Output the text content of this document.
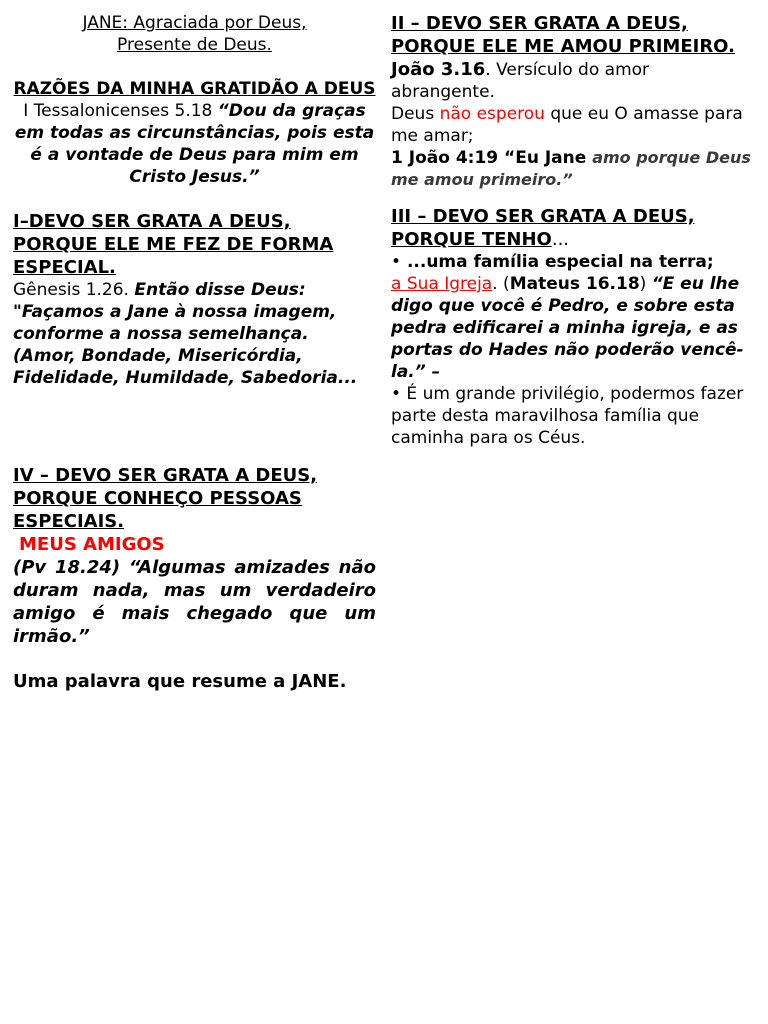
JANE: Agraciada por Deus,

Presente de Deus.

RAZÕES DA MINHA GRATIDÃO A DEUS

I Tessalonicenses 5.18 “Dou da graças em todas as circunstâncias, pois esta é a vontade de Deus para mim em Cristo Jesus.”

I–DEVO SER GRATA A DEUS, PORQUE ELE ME FEZ DE FORMA ESPECIAL.

Gênesis 1.26. Então disse Deus: "Façamos a Jane à nossa imagem, conforme a nossa semelhança.

(Amor, Bondade, Misericórdia, Fidelidade, Humildade, Sabedoria...

IV – DEVO SER GRATA A DEUS, PORQUE CONHEÇO PESSOAS ESPECIAIS.

MEUS AMIGOS

(Pv 18.24) “Algumas amizades não duram nada, mas um verdadeiro amigo é mais chegado que um irmão.”

Uma palavra que resume a JANE.

II – DEVO SER GRATA A DEUS, PORQUE ELE ME AMOU PRIMEIRO.

João 3.16. Versículo do amor abrangente.

Deus não esperou que eu O amasse para me amar;

1 João 4:19 “Eu Jane amo porque Deus me amou primeiro.”

III – DEVO SER GRATA A DEUS, PORQUE TENHO...

• ...uma família especial na terra;

a Sua Igreja. (Mateus 16.18) “E eu lhe digo que você é Pedro, e sobre esta pedra edificarei a minha igreja, e as portas do Hades não poderão vencê-la.” –

• É um grande privilégio, podermos fazer parte desta maravilhosa família que caminha para os Céus.
